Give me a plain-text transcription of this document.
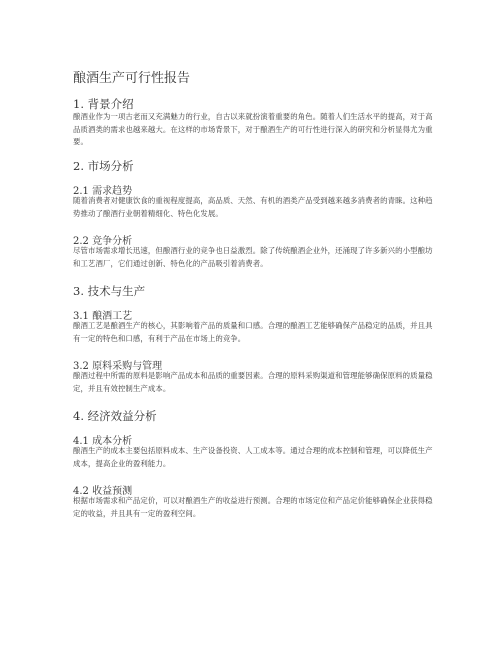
酿酒生产可行性报告
1. 背景介绍
酿酒业作为一项古老而又充满魅力的行业，自古以来就扮演着重要的角色。随着人们生活水平的提高，对于高品质酒类的需求也越来越大。在这样的市场背景下，对于酿酒生产的可行性进行深入的研究和分析显得尤为重要。
2. 市场分析
2.1 需求趋势
随着消费者对健康饮食的重视程度提高，高品质、天然、有机的酒类产品受到越来越多消费者的青睐。这种趋势推动了酿酒行业朝着精细化、特色化发展。
2.2 竞争分析
尽管市场需求增长迅速，但酿酒行业的竞争也日益激烈。除了传统酿酒企业外，还涌现了许多新兴的小型酿坊和工艺酒厂，它们通过创新、特色化的产品吸引着消费者。
3. 技术与生产
3.1 酿酒工艺
酿酒工艺是酿酒生产的核心，其影响着产品的质量和口感。合理的酿酒工艺能够确保产品稳定的品质，并且具有一定的特色和口感，有利于产品在市场上的竞争。
3.2 原料采购与管理
酿酒过程中所需的原料是影响产品成本和品质的重要因素。合理的原料采购渠道和管理能够确保原料的质量稳定，并且有效控制生产成本。
4. 经济效益分析
4.1 成本分析
酿酒生产的成本主要包括原料成本、生产设备投资、人工成本等。通过合理的成本控制和管理，可以降低生产成本，提高企业的盈利能力。
4.2 收益预测
根据市场需求和产品定价，可以对酿酒生产的收益进行预测。合理的市场定位和产品定价能够确保企业获得稳定的收益，并且具有一定的盈利空间。
